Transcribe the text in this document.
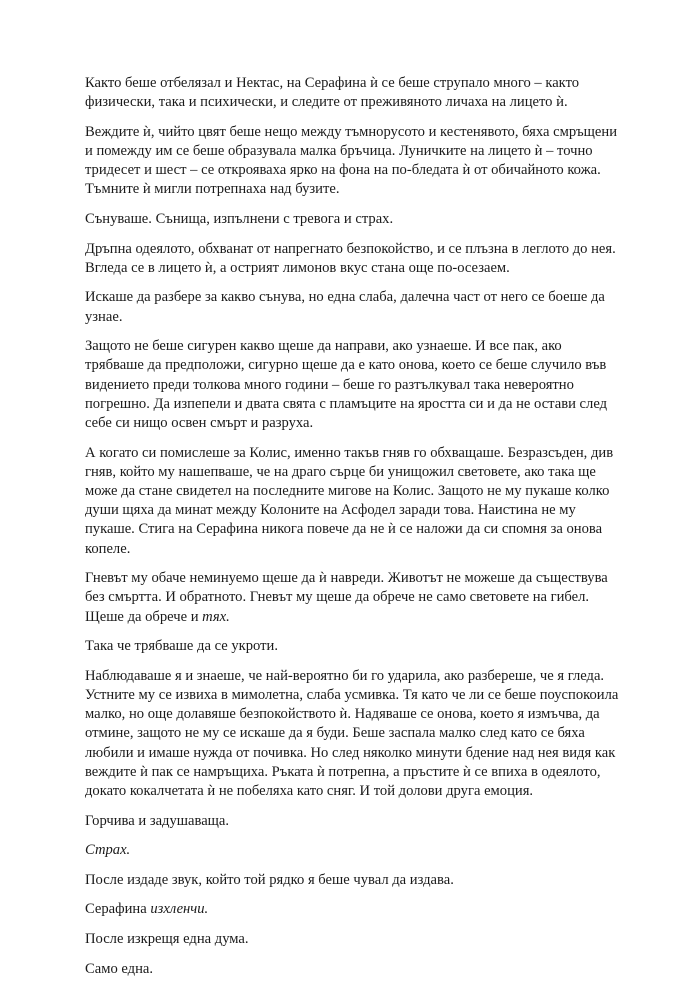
Както беше отбелязал и Нектас, на Серафина ѝ се беше струпало много – както физически, така и психически, и следите от преживяното личаха на лицето ѝ.

Веждите ѝ, чийто цвят беше нещо между тъмнорусото и кестенявото, бяха смръщени и помежду им се беше образувала малка бръчица. Луничките на лицето ѝ – точно тридесет и шест – се открояваха ярко на фона на по-бледата ѝ от обичайното кожа. Тъмните ѝ мигли потрепнаха над бузите.

Сънуваше. Сънища, изпълнени с тревога и страх.

Дръпна одеялото, обхванат от напрегнато безпокойство, и се плъзна в леглото до нея. Вгледа се в лицето ѝ, а острият лимонов вкус стана още по-осезаем.

Искаше да разбере за какво сънува, но една слаба, далечна част от него се боеше да узнае.

Защото не беше сигурен какво щеше да направи, ако узнаеше. И все пак, ако трябваше да предположи, сигурно щеше да е като онова, което се беше случило във видението преди толкова много години – беше го разтълкувал така невероятно погрешно. Да изпепели и двата свята с пламъците на яростта си и да не остави след себе си нищо освен смърт и разруха.

А когато си помислеше за Колис, именно такъв гняв го обхващаше. Безразсъден, див гняв, който му нашепваше, че на драго сърце би унищожил световете, ако така ще може да стане свидетел на последните мигове на Колис. Защото не му пукаше колко души щяха да минат между Колоните на Асфодел заради това. Наистина не му пукаше. Стига на Серафина никога повече да не ѝ се наложи да си спомня за онова копеле.

Гневът му обаче неминуемо щеше да ѝ навреди. Животът не можеше да съществува без смъртта. И обратното. Гневът му щеше да обрече не само световете на гибел. Щеше да обрече и тях.

Така че трябваше да се укроти.

Наблюдаваше я и знаеше, че най-вероятно би го ударила, ако разбереше, че я гледа. Устните му се извиха в мимолетна, слаба усмивка. Тя като че ли се беше поуспокоила малко, но още долавяше безпокойството ѝ. Надяваше се онова, което я измъчва, да отмине, защото не му се искаше да я буди. Беше заспала малко след като се бяха любили и имаше нужда от почивка. Но след няколко минути бдение над нея видя как веждите ѝ пак се намръщиха. Ръката ѝ потрепна, а пръстите ѝ се впиха в одеялото, докато кокалчетата ѝ не побеляха като сняг. И той долови друга емоция.

Горчива и задушаваща.

Страх.

После издаде звук, който той рядко я беше чувал да издава.

Серафина изхленчи.

После изкрещя една дума.

Само една.
